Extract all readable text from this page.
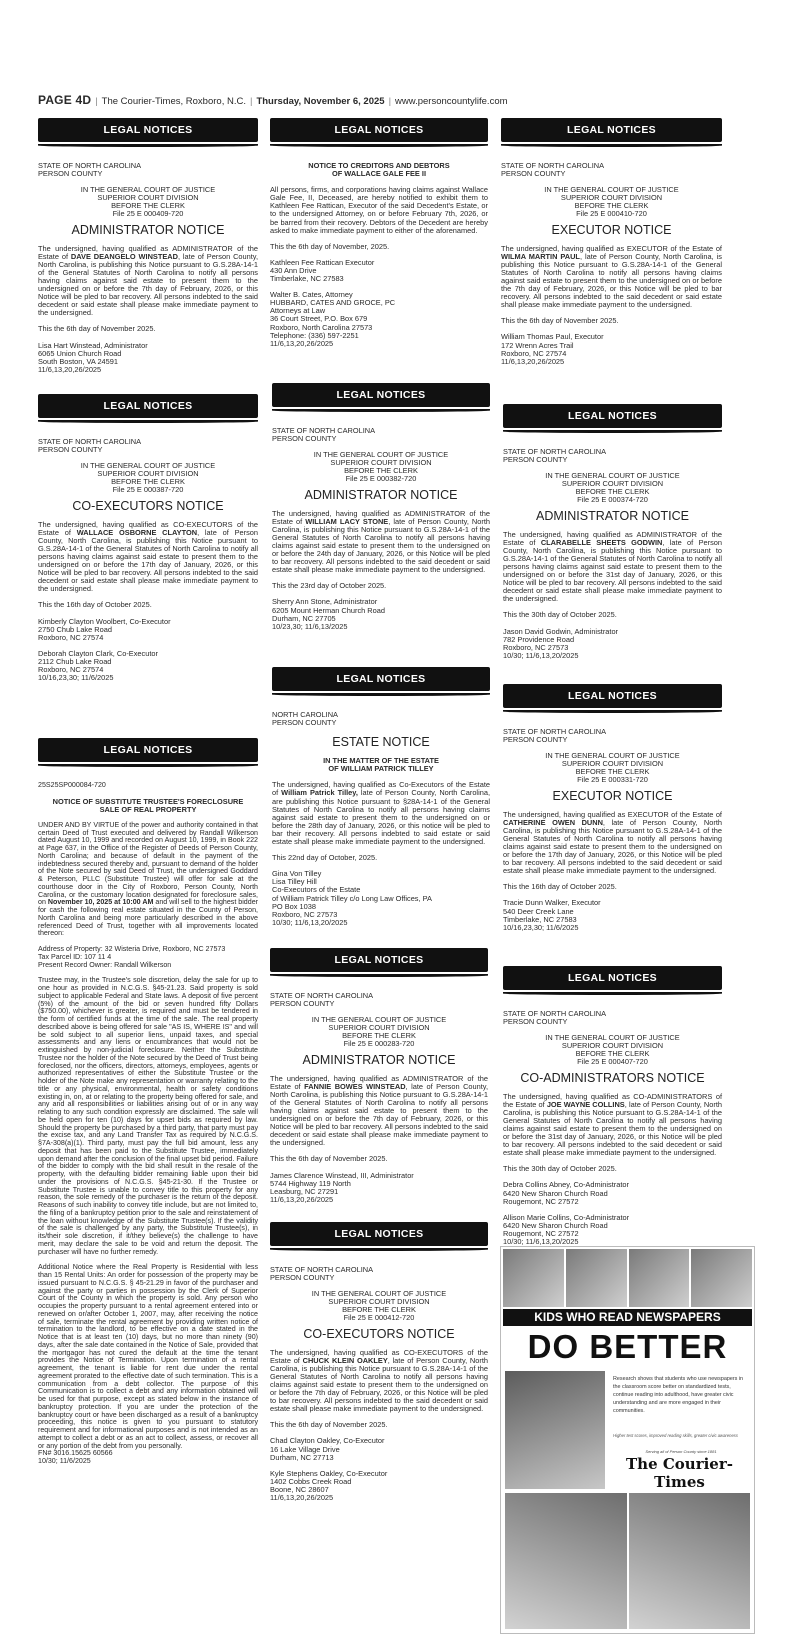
PAGE 4D | The Courier-Times, Roxboro, N.C. | Thursday, November 6, 2025 | www.personcountylife.com
LEGAL NOTICES

STATE OF NORTH CAROLINA

PERSON COUNTY

IN THE GENERAL COURT OF JUSTICE

SUPERIOR COURT DIVISION

BEFORE THE CLERK

File 25 E 000409-720

ADMINISTRATOR NOTICE

The undersigned, having qualified as ADMINISTRATOR of the Estate of DAVE DEANGELO WINSTEAD, late of Person County, North Carolina, is publishing this Notice pursuant to G.S.28A-14-1 of the General Statutes of North Carolina to notify all persons having claims against said estate to present them to the undersigned on or before the 7th day of February, 2026, or this Notice will be pled to bar recovery. All persons indebted to the said decedent or said estate shall please make immediate payment to the undersigned.

This the 6th day of November 2025.

Lisa Hart Winstead, Administrator

6065 Union Church Road

South Boston, VA 24591

11/6,13,20,26/2025

LEGAL NOTICES

STATE OF NORTH CAROLINA

PERSON COUNTY

IN THE GENERAL COURT OF JUSTICE

SUPERIOR COURT DIVISION

BEFORE THE CLERK

File 25 E 000387-720

CO-EXECUTORS NOTICE

The undersigned, having qualified as CO-EXECUTORS of the Estate of WALLACE OSBORNE CLAYTON, late of Person County, North Carolina, is publishing this Notice pursuant to G.S.28A-14-1 of the General Statutes of North Carolina to notify all persons having claims against said estate to present them to the undersigned on or before the 17th day of January, 2026, or this Notice will be pled to bar recovery. All persons indebted to the said decedent or said estate shall please make immediate payment to the undersigned.

This the 16th day of October 2025.

Kimberly Clayton Woolbert, Co-Executor

2750 Chub Lake Road

Roxboro, NC 27574

Deborah Clayton Clark, Co-Executor

2112 Chub Lake Road

Roxboro, NC 27574

10/16,23,30; 11/6/2025

LEGAL NOTICES

25S25SP000084-720

NOTICE OF SUBSTITUTE TRUSTEE'S FORECLOSURE

SALE OF REAL PROPERTY

UNDER AND BY VIRTUE of the power and authority contained in that certain Deed of Trust executed and delivered by Randall Wilkerson dated August 10, 1999 and recorded on August 10, 1999, in Book 222 at Page 637, in the Office of the Register of Deeds of Person County, North Carolina; and because of default in the payment of the indebtedness secured thereby and, pursuant to demand of the holder of the Note secured by said Deed of Trust, the undersigned Goddard & Peterson, PLLC (Substitute Trustee) will offer for sale at the courthouse door in the City of Roxboro, Person County, North Carolina, or the customary location designated for foreclosure sales, on November 10, 2025 at 10:00 AM and will sell to the highest bidder for cash the following real estate situated in the County of Person, North Carolina and being more particularly described in the above referenced Deed of Trust, together with all improvements located thereon:

Address of Property: 32 Wisteria Drive, Roxboro, NC 27573

Tax Parcel ID: 107 11 4

Present Record Owner: Randall Wilkerson

Trustee may, in the Trustee's sole discretion, delay the sale for up to one hour as provided in N.C.G.S. §45-21.23. Said property is sold subject to applicable Federal and State laws. A deposit of five percent (5%) of the amount of the bid or seven hundred fifty Dollars ($750.00), whichever is greater, is required and must be tendered in the form of certified funds at the time of the sale. The real property described above is being offered for sale "AS IS, WHERE IS" and will be sold subject to all superior liens, unpaid taxes, and special assessments and any liens or encumbrances that would not be extinguished by non-judicial foreclosure. Neither the Substitute Trustee nor the holder of the Note secured by the Deed of Trust being foreclosed, nor the officers, directors, attorneys, employees, agents or authorized representatives of either the Substitute Trustee or the holder of the Note make any representation or warranty relating to the title or any physical, environmental, health or safety conditions existing in, on, at or relating to the property being offered for sale, and any and all responsibilities or liabilities arising out of or in any way relating to any such condition expressly are disclaimed. The sale will be held open for ten (10) days for upset bids as required by law. Should the property be purchased by a third party, that party must pay the excise tax, and any Land Transfer Tax as required by N.C.G.S. §7A-308(a)(1). Third party, must pay the full bid amount, less any deposit that has been paid to the Substitute Trustee, immediately upon demand after the conclusion of the final upset bid period. Failure of the bidder to comply with the bid shall result in the resale of the property, with the defaulting bidder remaining liable upon their bid under the provisions of N.C.G.S. §45-21-30. If the Trustee or Substitute Trustee is unable to convey title to this property for any reason, the sole remedy of the purchaser is the return of the deposit. Reasons of such inability to convey title include, but are not limited to, the filing of a bankruptcy petition prior to the sale and reinstatement of the loan without knowledge of the Substitute Trustee(s). If the validity of the sale is challenged by any party, the Substitute Trustee(s), in its/their sole discretion, if it/they believe(s) the challenge to have merit, may declare the sale to be void and return the deposit. The purchaser will have no further remedy.

Additional Notice where the Real Property is Residential with less than 15 Rental Units: An order for possession of the property may be issued pursuant to N.C.G.S. § 45-21.29 in favor of the purchaser and against the party or parties in possession by the Clerk of Superior Court of the County in which the property is sold. Any person who occupies the property pursuant to a rental agreement entered into or renewed on or/after October 1, 2007, may, after receiving the notice of sale, terminate the rental agreement by providing written notice of termination to the landlord, to be effective on a date stated in the Notice that is at least ten (10) days, but no more than ninety (90) days, after the sale date contained in the Notice of Sale, provided that the mortgagor has not cured the default at the time the tenant provides the Notice of Termination. Upon termination of a rental agreement, the tenant is liable for rent due under the rental agreement prorated to the effective date of such termination. This is a communication from a debt collector. The purpose of this Communication is to collect a debt and any information obtained will be used for that purpose, except as stated below in the instance of bankruptcy protection. If you are under the protection of the bankruptcy court or have been discharged as a result of a bankruptcy proceeding, this notice is given to you pursuant to statutory requirement and for informational purposes and is not intended as an attempt to collect a debt or as an act to collect, assess, or recover all or any portion of the debt from you personally.

FN# 3016.15625 60566

10/30; 11/6/2025

LEGAL NOTICES

NOTICE TO CREDITORS AND DEBTORS

OF WALLACE GALE FEE II

All persons, firms, and corporations having claims against Wallace Gale Fee, II, Deceased, are hereby notified to exhibit them to Kathleen Fee Rattican, Executor of the said Decedent's Estate, or to the undersigned Attorney, on or before February 7th, 2026, or be barred from their recovery. Debtors of the Decedent are hereby asked to make immediate payment to either of the aforenamed.

This the 6th day of November, 2025.

Kathleen Fee Rattican Executor

430 Ann Drive

Timberlake, NC 27583

Walter B. Cates, Attorney

HUBBARD, CATES AND GROCE, PC

Attorneys at Law

36 Court Street, P.O. Box 679

Roxboro, North Carolina 27573

Telephone: (336) 597-2251

11/6,13,20,26/2025

LEGAL NOTICES

STATE OF NORTH CAROLINA

PERSON COUNTY

IN THE GENERAL COURT OF JUSTICE

SUPERIOR COURT DIVISION

BEFORE THE CLERK

File 25 E 000382-720

ADMINISTRATOR NOTICE

The undersigned, having qualified as ADMINISTRATOR of the Estate of WILLIAM LACY STONE, late of Person County, North Carolina, is publishing this Notice pursuant to G.S.28A-14-1 of the General Statutes of North Carolina to notify all persons having claims against said estate to present them to the undersigned on or before the 24th day of January, 2026, or this Notice will be pled to bar recovery. All persons indebted to the said decedent or said estate shall please make immediate payment to the undersigned.

This the 23rd day of October 2025.

Sherry Ann Stone, Administrator

6205 Mount Herman Church Road

Durham, NC 27705

10/23,30; 11/6,13/2025

LEGAL NOTICES

NORTH CAROLINA

PERSON COUNTY

ESTATE NOTICE

IN THE MATTER OF THE ESTATE

OF WILLIAM PATRICK TILLEY

The undersigned, having qualified as Co-Executors of the Estate of William Patrick Tilley, late of Person County, North Carolina, are publishing this Notice pursuant to §28A-14-1 of the General Statutes of North Carolina to notify all persons having claims against said estate to present them to the undersigned on or before the 28th day of January, 2026, or this notice will be pled to bar their recovery. All persons indebted to said estate or said estate shall please make immediate payment to the undersigned.

This 22nd day of October, 2025.

Gina Von Tilley

Lisa Tilley Hill

Co-Executors of the Estate

of William Patrick Tilley c/o Long Law Offices, PA

PO Box 1038

Roxboro, NC 27573

10/30; 11/6,13,20/2025

LEGAL NOTICES

STATE OF NORTH CAROLINA

PERSON COUNTY

IN THE GENERAL COURT OF JUSTICE

SUPERIOR COURT DIVISION

BEFORE THE CLERK

File 25 E 000283-720

ADMINISTRATOR NOTICE

The undersigned, having qualified as ADMINISTRATOR of the Estate of FANNIE BOWES WINSTEAD, late of Person County, North Carolina, is publishing this Notice pursuant to G.S.28A-14-1 of the General Statutes of North Carolina to notify all persons having claims against said estate to present them to the undersigned on or before the 7th day of February, 2026, or this Notice will be pled to bar recovery. All persons indebted to the said decedent or said estate shall please make immediate payment to the undersigned.

This the 6th day of November 2025.

James Clarence Winstead, III, Administrator

5744 Highway 119 North

Leasburg, NC 27291

11/6,13,20,26/2025

LEGAL NOTICES

STATE OF NORTH CAROLINA

PERSON COUNTY

IN THE GENERAL COURT OF JUSTICE

SUPERIOR COURT DIVISION

BEFORE THE CLERK

File 25 E 000412-720

CO-EXECUTORS NOTICE

The undersigned, having qualified as CO-EXECUTORS of the Estate of CHUCK KLEIN OAKLEY, late of Person County, North Carolina, is publishing this Notice pursuant to G.S.28A-14-1 of the General Statutes of North Carolina to notify all persons having claims against said estate to present them to the undersigned on or before the 7th day of February, 2026, or this Notice will be pled to bar recovery. All persons indebted to the said decedent or said estate shall please make immediate payment to the undersigned.

This the 6th day of November 2025.

Chad Clayton Oakley, Co-Executor

16 Lake Village Drive

Durham, NC 27713

Kyle Stephens Oakley, Co-Executor

1402 Cobbs Creek Road

Boone, NC 28607

11/6,13,20,26/2025

LEGAL NOTICES

STATE OF NORTH CAROLINA

PERSON COUNTY

IN THE GENERAL COURT OF JUSTICE

SUPERIOR COURT DIVISION

BEFORE THE CLERK

File 25 E 000410-720

EXECUTOR NOTICE

The undersigned, having qualified as EXECUTOR of the Estate of WILMA MARTIN PAUL, late of Person County, North Carolina, is publishing this Notice pursuant to G.S.28A-14-1 of the General Statutes of North Carolina to notify all persons having claims against said estate to present them to the undersigned on or before the 7th day of February, 2026, or this Notice will be pled to bar recovery. All persons indebted to the said decedent or said estate shall please make immediate payment to the undersigned.

This the 6th day of November 2025.

William Thomas Paul, Executor

172 Wrenn Acres Trail

Roxboro, NC 27574

11/6,13,20,26/2025

LEGAL NOTICES

STATE OF NORTH CAROLINA

PERSON COUNTY

IN THE GENERAL COURT OF JUSTICE

SUPERIOR COURT DIVISION

BEFORE THE CLERK

File 25 E 000374-720

ADMINISTRATOR NOTICE

The undersigned, having qualified as ADMINISTRATOR of the Estate of CLARABELLE SHEETS GODWIN, late of Person County, North Carolina, is publishing this Notice pursuant to G.S.28A-14-1 of the General Statutes of North Carolina to notify all persons having claims against said estate to present them to the undersigned on or before the 31st day of January, 2026, or this Notice will be pled to bar recovery. All persons indebted to the said decedent or said estate shall please make immediate payment to the undersigned.

This the 30th day of October 2025.

Jason David Godwin, Administrator

782 Providence Road

Roxboro, NC 27573

10/30; 11/6,13,20/2025

LEGAL NOTICES

STATE OF NORTH CAROLINA

PERSON COUNTY

IN THE GENERAL COURT OF JUSTICE

SUPERIOR COURT DIVISION

BEFORE THE CLERK

File 25 E 000331-720

EXECUTOR NOTICE

The undersigned, having qualified as EXECUTOR of the Estate of CATHERINE OWEN DUNN, late of Person County, North Carolina, is publishing this Notice pursuant to G.S.28A-14-1 of the General Statutes of North Carolina to notify all persons having claims against said estate to present them to the undersigned on or before the 17th day of January, 2026, or this Notice will be pled to bar recovery. All persons indebted to the said decedent or said estate shall please make immediate payment to the undersigned.

This the 16th day of October 2025.

Tracie Dunn Walker, Executor

540 Deer Creek Lane

Timberlake, NC 27583

10/16,23,30; 11/6/2025

LEGAL NOTICES

STATE OF NORTH CAROLINA

PERSON COUNTY

IN THE GENERAL COURT OF JUSTICE

SUPERIOR COURT DIVISION

BEFORE THE CLERK

File 25 E 000407-720

CO-ADMINISTRATORS NOTICE

The undersigned, having qualified as CO-ADMINISTRATORS of the Estate of JOE WAYNE COLLINS, late of Person County, North Carolina, is publishing this Notice pursuant to G.S.28A-14-1 of the General Statutes of North Carolina to notify all persons having claims against said estate to present them to the undersigned on or before the 31st day of January, 2026, or this Notice will be pled to bar recovery. All persons indebted to the said decedent or said estate shall please make immediate payment to the undersigned.

This the 30th day of October 2025.

Debra Collins Abney, Co-Administrator

6420 New Sharon Church Road

Rougemont, NC 27572

Allison Marie Collins, Co-Administrator

6420 New Sharon Church Road

Rougemont, NC 27572

10/30; 11/6,13,20/2025

KIDS WHO READ NEWSPAPERS
DO BETTER
Research shows that students who use newspapers in the classroom score better on standardized tests, continue reading into adulthood, have greater civic understanding and are more engaged in their communities.
Higher test scores, improved reading skills, greater civic awareness
Serving all of Person County since 1881
The Courier-Times
